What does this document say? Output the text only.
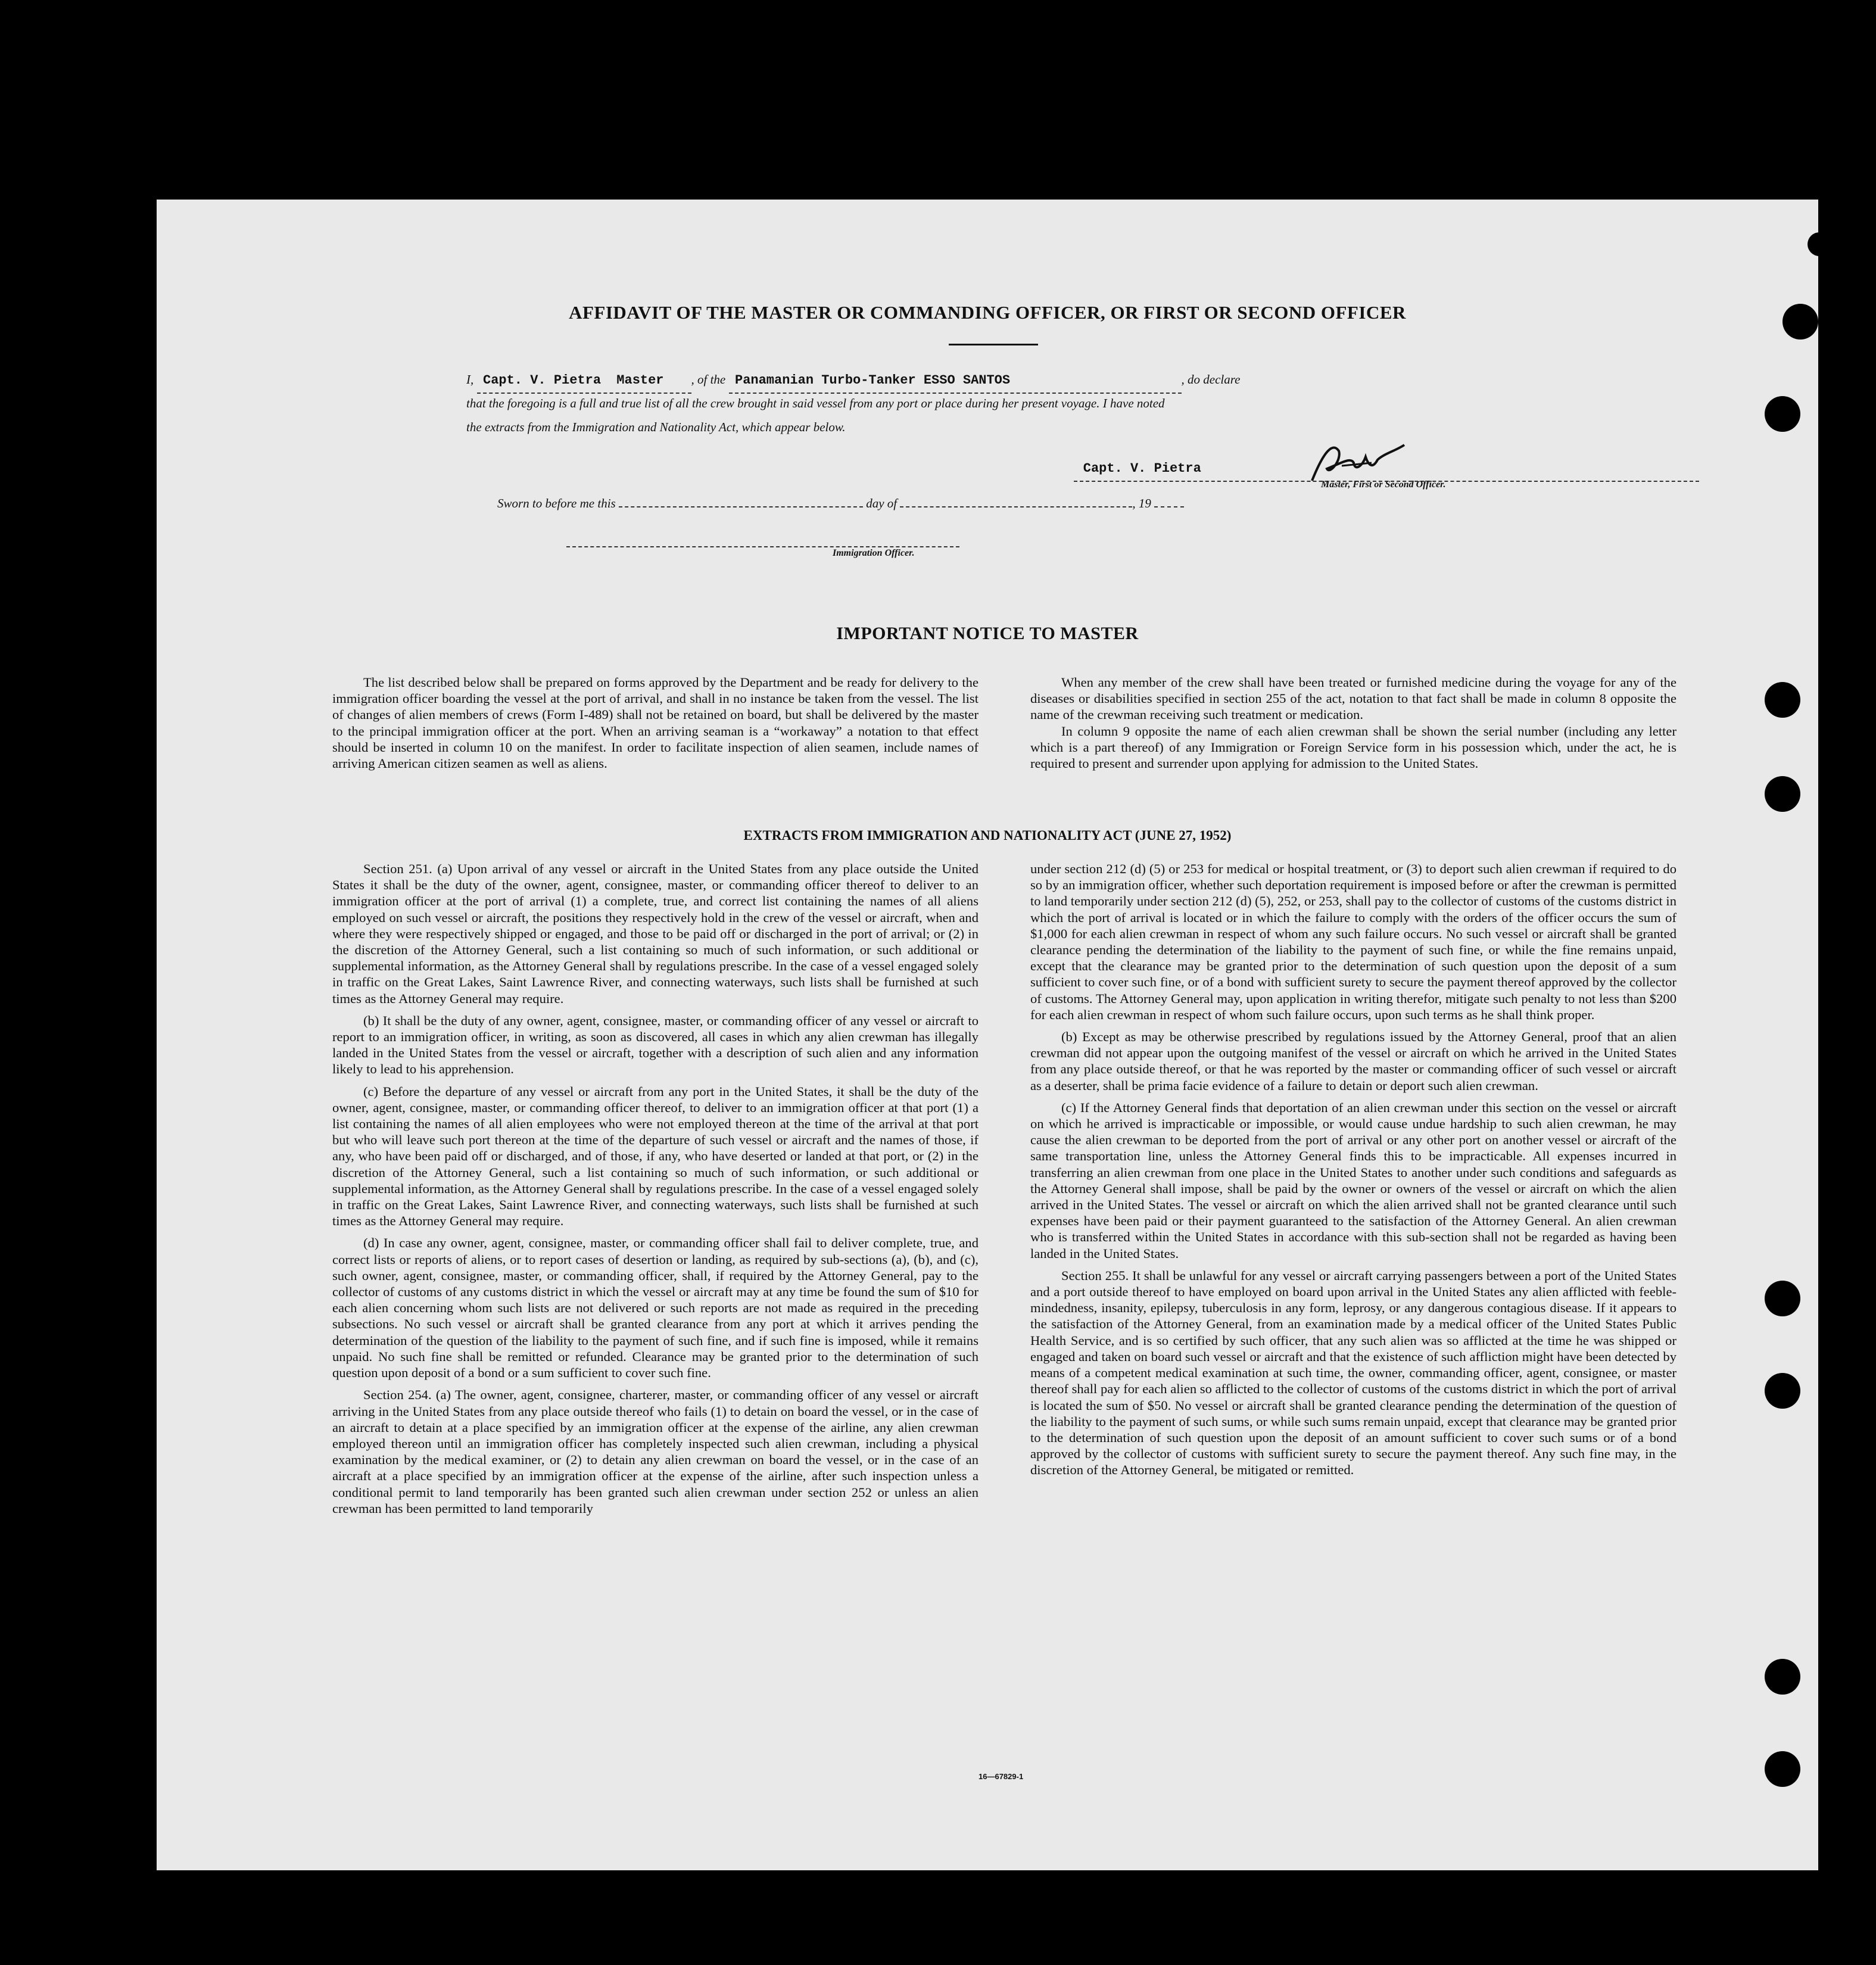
AFFIDAVIT OF THE MASTER OR COMMANDING OFFICER, OR FIRST OR SECOND OFFICER
I, Capt. V. Pietra Master , of the Panamanian Turbo-Tanker ESSO SANTOS	, do declare
that the foregoing is a full and true list of all the crew brought in said vessel from any port or place during her present voyage. I have noted
the extracts from the Immigration and Nationality Act, which appear below.
Capt. V. Pietra
Master, First or Second Officer.
Sworn to before me this	day of	, 19
Immigration Officer.
IMPORTANT NOTICE TO MASTER

The list described below shall be prepared on forms approved by the Department and be ready for delivery to the immigration officer boarding the vessel at the port of arrival, and shall in no instance be taken from the vessel. The list of changes of alien members of crews (Form I-489) shall not be retained on board, but shall be delivered by the master to the principal immigration officer at the port. When an arriving seaman is a “workaway” a notation to that effect should be inserted in column 10 on the manifest. In order to facilitate inspection of alien seamen, include names of arriving American citizen seamen as well as aliens.

When any member of the crew shall have been treated or furnished medicine during the voyage for any of the diseases or disabilities specified in section 255 of the act, notation to that fact shall be made in column 8 opposite the name of the crewman receiving such treatment or medication.

In column 9 opposite the name of each alien crewman shall be shown the serial number (including any letter which is a part thereof) of any Immigration or Foreign Service form in his possession which, under the act, he is required to present and surrender upon applying for admission to the United States.

EXTRACTS FROM IMMIGRATION AND NATIONALITY ACT (JUNE 27, 1952)

Section 251. (a) Upon arrival of any vessel or aircraft in the United States from any place outside the United States it shall be the duty of the owner, agent, consignee, master, or commanding officer thereof to deliver to an immigration officer at the port of arrival (1) a complete, true, and correct list containing the names of all aliens employed on such vessel or aircraft, the positions they respectively hold in the crew of the vessel or aircraft, when and where they were respectively shipped or engaged, and those to be paid off or discharged in the port of arrival; or (2) in the discretion of the Attorney General, such a list containing so much of such information, or such additional or supplemental information, as the Attorney General shall by regulations prescribe. In the case of a vessel engaged solely in traffic on the Great Lakes, Saint Lawrence River, and connecting waterways, such lists shall be furnished at such times as the Attorney General may require.

(b) It shall be the duty of any owner, agent, consignee, master, or commanding officer of any vessel or aircraft to report to an immigration officer, in writing, as soon as discovered, all cases in which any alien crewman has illegally landed in the United States from the vessel or aircraft, together with a description of such alien and any information likely to lead to his apprehension.

(c) Before the departure of any vessel or aircraft from any port in the United States, it shall be the duty of the owner, agent, consignee, master, or commanding officer thereof, to deliver to an immigration officer at that port (1) a list containing the names of all alien employees who were not employed thereon at the time of the arrival at that port but who will leave such port thereon at the time of the departure of such vessel or aircraft and the names of those, if any, who have been paid off or discharged, and of those, if any, who have deserted or landed at that port, or (2) in the discretion of the Attorney General, such a list containing so much of such information, or such additional or supplemental information, as the Attorney General shall by regulations prescribe. In the case of a vessel engaged solely in traffic on the Great Lakes, Saint Lawrence River, and connecting waterways, such lists shall be furnished at such times as the Attorney General may require.

(d) In case any owner, agent, consignee, master, or commanding officer shall fail to deliver complete, true, and correct lists or reports of aliens, or to report cases of desertion or landing, as required by sub-sections (a), (b), and (c), such owner, agent, consignee, master, or commanding officer, shall, if required by the Attorney General, pay to the collector of customs of any customs district in which the vessel or aircraft may at any time be found the sum of $10 for each alien concerning whom such lists are not delivered or such reports are not made as required in the preceding subsections. No such vessel or aircraft shall be granted clearance from any port at which it arrives pending the determination of the question of the liability to the payment of such fine, and if such fine is imposed, while it remains unpaid. No such fine shall be remitted or refunded. Clearance may be granted prior to the determination of such question upon deposit of a bond or a sum sufficient to cover such fine.

Section 254. (a) The owner, agent, consignee, charterer, master, or commanding officer of any vessel or aircraft arriving in the United States from any place outside thereof who fails (1) to detain on board the vessel, or in the case of an aircraft to detain at a place specified by an immigration officer at the expense of the airline, any alien crewman employed thereon until an immigration officer has completely inspected such alien crewman, including a physical examination by the medical examiner, or (2) to detain any alien crewman on board the vessel, or in the case of an aircraft at a place specified by an immigration officer at the expense of the airline, after such inspection unless a conditional permit to land temporarily has been granted such alien crewman under section 252 or unless an alien crewman has been permitted to land temporarily

under section 212 (d) (5) or 253 for medical or hospital treatment, or (3) to deport such alien crewman if required to do so by an immigration officer, whether such deportation requirement is imposed before or after the crewman is permitted to land temporarily under section 212 (d) (5), 252, or 253, shall pay to the collector of customs of the customs district in which the port of arrival is located or in which the failure to comply with the orders of the officer occurs the sum of $1,000 for each alien crewman in respect of whom any such failure occurs. No such vessel or aircraft shall be granted clearance pending the determination of the liability to the payment of such fine, or while the fine remains unpaid, except that the clearance may be granted prior to the determination of such question upon the deposit of a sum sufficient to cover such fine, or of a bond with sufficient surety to secure the payment thereof approved by the collector of customs. The Attorney General may, upon application in writing therefor, mitigate such penalty to not less than $200 for each alien crewman in respect of whom such failure occurs, upon such terms as he shall think proper.

(b) Except as may be otherwise prescribed by regulations issued by the Attorney General, proof that an alien crewman did not appear upon the outgoing manifest of the vessel or aircraft on which he arrived in the United States from any place outside thereof, or that he was reported by the master or commanding officer of such vessel or aircraft as a deserter, shall be prima facie evidence of a failure to detain or deport such alien crewman.

(c) If the Attorney General finds that deportation of an alien crewman under this section on the vessel or aircraft on which he arrived is impracticable or impossible, or would cause undue hardship to such alien crewman, he may cause the alien crewman to be deported from the port of arrival or any other port on another vessel or aircraft of the same transportation line, unless the Attorney General finds this to be impracticable. All expenses incurred in transferring an alien crewman from one place in the United States to another under such conditions and safeguards as the Attorney General shall impose, shall be paid by the owner or owners of the vessel or aircraft on which the alien arrived in the United States. The vessel or aircraft on which the alien arrived shall not be granted clearance until such expenses have been paid or their payment guaranteed to the satisfaction of the Attorney General. An alien crewman who is transferred within the United States in accordance with this sub-section shall not be regarded as having been landed in the United States.

Section 255. It shall be unlawful for any vessel or aircraft carrying passengers between a port of the United States and a port outside thereof to have employed on board upon arrival in the United States any alien afflicted with feeble-mindedness, insanity, epilepsy, tuberculosis in any form, leprosy, or any dangerous contagious disease. If it appears to the satisfaction of the Attorney General, from an examination made by a medical officer of the United States Public Health Service, and is so certified by such officer, that any such alien was so afflicted at the time he was shipped or engaged and taken on board such vessel or aircraft and that the existence of such affliction might have been detected by means of a competent medical examination at such time, the owner, commanding officer, agent, consignee, or master thereof shall pay for each alien so afflicted to the collector of customs of the customs district in which the port of arrival is located the sum of $50. No vessel or aircraft shall be granted clearance pending the determination of the question of the liability to the payment of such sums, or while such sums remain unpaid, except that clearance may be granted prior to the determination of such question upon the deposit of an amount sufficient to cover such sums or of a bond approved by the collector of customs with sufficient surety to secure the payment thereof. Any such fine may, in the discretion of the Attorney General, be mitigated or remitted.

16—67829-1
